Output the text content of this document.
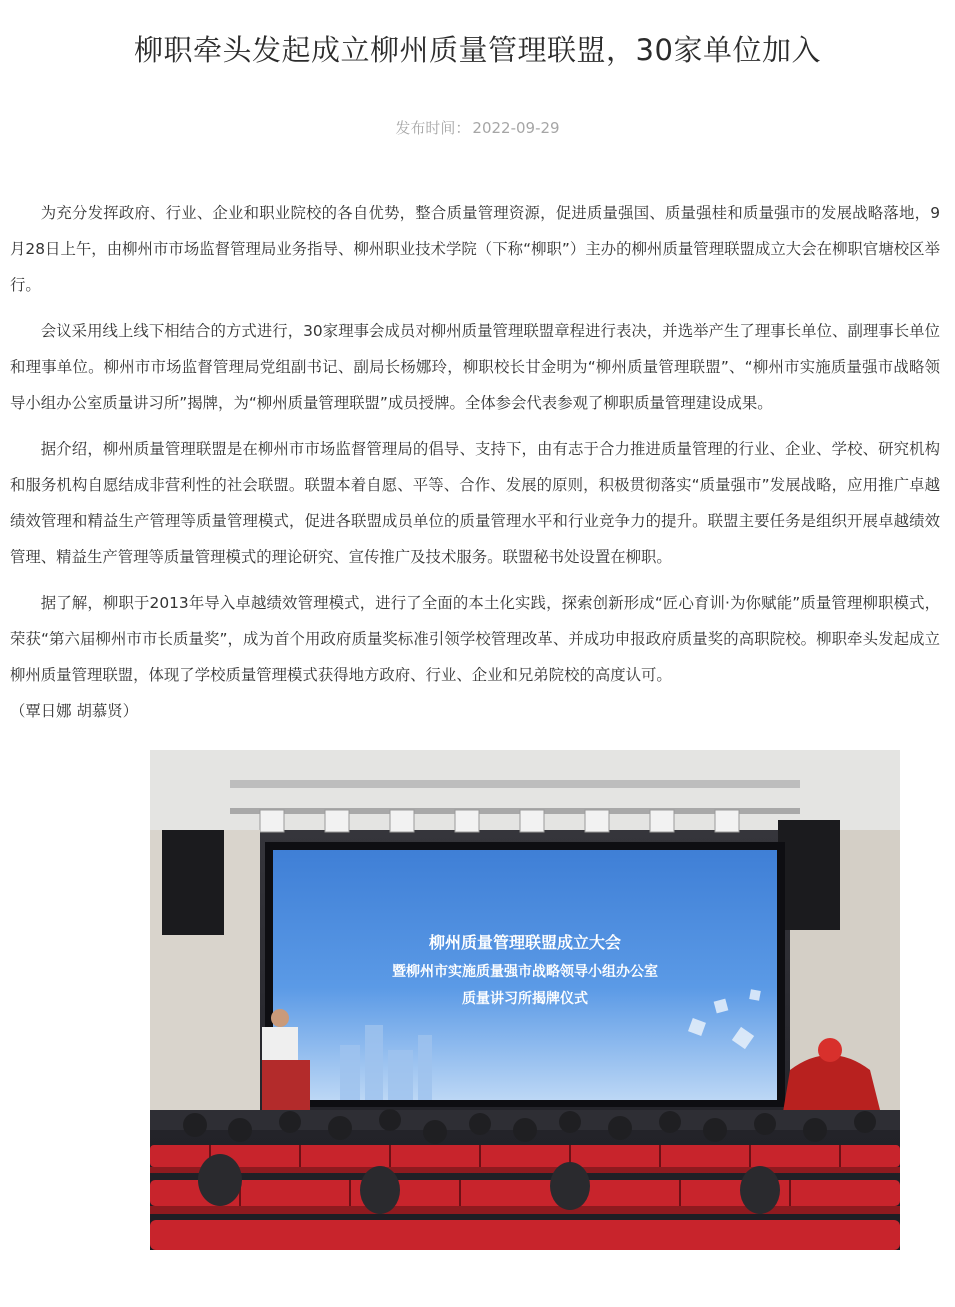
柳职牵头发起成立柳州质量管理联盟，30家单位加入
发布时间： 2022-09-29

为充分发挥政府、行业、企业和职业院校的各自优势，整合质量管理资源，促进质量强国、质量强桂和质量强市的发展战略落地，9月28日上午，由柳州市市场监督管理局业务指导、柳州职业技术学院（下称“柳职”）主办的柳州质量管理联盟成立大会在柳职官塘校区举行。

会议采用线上线下相结合的方式进行，30家理事会成员对柳州质量管理联盟章程进行表决，并选举产生了理事长单位、副理事长单位和理事单位。柳州市市场监督管理局党组副书记、副局长杨娜玲，柳职校长甘金明为“柳州质量管理联盟”、“柳州市实施质量强市战略领导小组办公室质量讲习所”揭牌，为“柳州质量管理联盟”成员授牌。全体参会代表参观了柳职质量管理建设成果。

据介绍，柳州质量管理联盟是在柳州市市场监督管理局的倡导、支持下，由有志于合力推进质量管理的行业、企业、学校、研究机构和服务机构自愿结成非营利性的社会联盟。联盟本着自愿、平等、合作、发展的原则，积极贯彻落实“质量强市”发展战略，应用推广卓越绩效管理和精益生产管理等质量管理模式，促进各联盟成员单位的质量管理水平和行业竞争力的提升。联盟主要任务是组织开展卓越绩效管理、精益生产管理等质量管理模式的理论研究、宣传推广及技术服务。联盟秘书处设置在柳职。

据了解，柳职于2013年导入卓越绩效管理模式，进行了全面的本土化实践，探索创新形成“匠心育训·为你赋能”质量管理柳职模式，荣获“第六届柳州市市长质量奖”，成为首个用政府质量奖标准引领学校管理改革、并成功申报政府质量奖的高职院校。柳职牵头发起成立柳州质量管理联盟，体现了学校质量管理模式获得地方政府、行业、企业和兄弟院校的高度认可。

（覃日娜 胡慕贤）
柳州质量管理联盟成立大会
暨柳州市实施质量强市战略领导小组办公室
质量讲习所揭牌仪式
